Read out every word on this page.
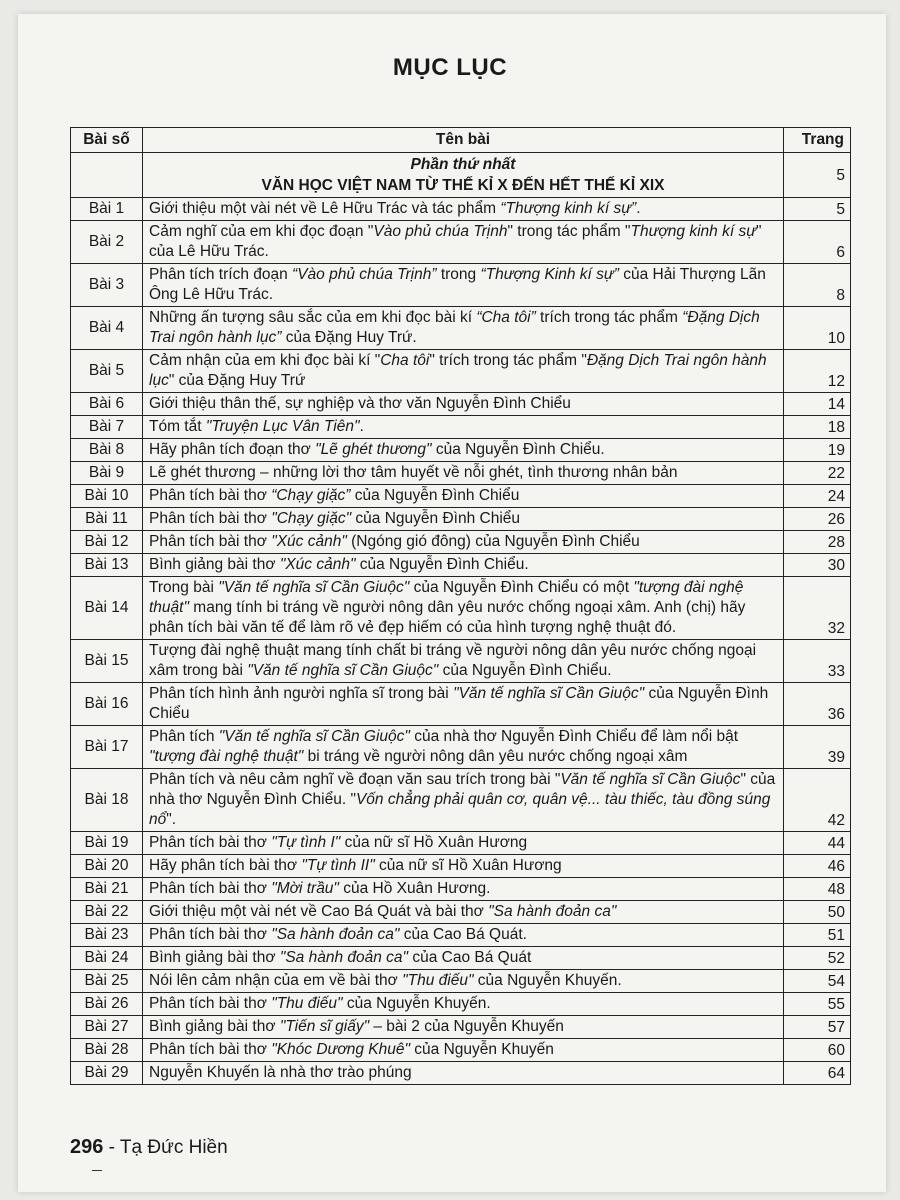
MỤC LỤC
Bài số	Tên bài	Trang

	Phần thứ nhất
VĂN HỌC VIỆT NAM TỪ THẾ KỈ X ĐẾN HẾT THẾ KỈ XIX	5
Bài 1	Giới thiệu một vài nét về Lê Hữu Trác và tác phẩm “Thượng kinh kí sự”.	5
Bài 2	Cảm nghĩ của em khi đọc đoạn "Vào phủ chúa Trịnh" trong tác phẩm "Thượng kinh kí sự" của Lê Hữu Trác.	6
Bài 3	Phân tích trích đoạn “Vào phủ chúa Trịnh” trong “Thượng Kinh kí sự” của Hải Thượng Lãn Ông Lê Hữu Trác.	8
Bài 4	Những ấn tượng sâu sắc của em khi đọc bài kí “Cha tôi” trích trong tác phẩm “Đặng Dịch Trai ngôn hành lục” của Đặng Huy Trứ.	10
Bài 5	Cảm nhận của em khi đọc bài kí "Cha tôi" trích trong tác phẩm "Đặng Dịch Trai ngôn hành lục" của Đặng Huy Trứ	12
Bài 6	Giới thiệu thân thế, sự nghiệp và thơ văn Nguyễn Đình Chiểu	14
Bài 7	Tóm tắt "Truyện Lục Vân Tiên".	18
Bài 8	Hãy phân tích đoạn thơ "Lẽ ghét thương" của Nguyễn Đình Chiểu.	19
Bài 9	Lẽ ghét thương – những lời thơ tâm huyết về nỗi ghét, tình thương nhân bản	22
Bài 10	Phân tích bài thơ “Chạy giặc” của Nguyễn Đình Chiểu	24
Bài 11	Phân tích bài thơ "Chạy giặc" của Nguyễn Đình Chiểu	26
Bài 12	Phân tích bài thơ "Xúc cảnh" (Ngóng gió đông) của Nguyễn Đình Chiểu	28
Bài 13	Bình giảng bài thơ "Xúc cảnh" của Nguyễn Đình Chiểu.	30
Bài 14	Trong bài "Văn tế nghĩa sĩ Cần Giuộc" của Nguyễn Đình Chiểu có một "tượng đài nghệ thuật" mang tính bi tráng về người nông dân yêu nước chống ngoại xâm. Anh (chị) hãy phân tích bài văn tế để làm rõ vẻ đẹp hiếm có của hình tượng nghệ thuật đó.	32
Bài 15	Tượng đài nghệ thuật mang tính chất bi tráng về người nông dân yêu nước chống ngoại xâm trong bài "Văn tế nghĩa sĩ Cần Giuộc" của Nguyễn Đình Chiểu.	33
Bài 16	Phân tích hình ảnh người nghĩa sĩ trong bài "Văn tế nghĩa sĩ Cần Giuộc" của Nguyễn Đình Chiểu	36
Bài 17	Phân tích "Văn tế nghĩa sĩ Cần Giuộc" của nhà thơ Nguyễn Đình Chiểu để làm nổi bật "tượng đài nghệ thuật" bi tráng về người nông dân yêu nước chống ngoại xâm	39
Bài 18	Phân tích và nêu cảm nghĩ về đoạn văn sau trích trong bài "Văn tế nghĩa sĩ Cần Giuộc" của nhà thơ Nguyễn Đình Chiểu. "Vốn chẳng phải quân cơ, quân vệ... tàu thiếc, tàu đồng súng nổ".	42
Bài 19	Phân tích bài thơ "Tự tình I" của nữ sĩ Hồ Xuân Hương	44
Bài 20	Hãy phân tích bài thơ "Tự tình II" của nữ sĩ Hồ Xuân Hương	46
Bài 21	Phân tích bài thơ "Mời trầu" của Hồ Xuân Hương.	48
Bài 22	Giới thiệu một vài nét về Cao Bá Quát và bài thơ "Sa hành đoản ca"	50
Bài 23	Phân tích bài thơ "Sa hành đoản ca" của Cao Bá Quát.	51
Bài 24	Bình giảng bài thơ "Sa hành đoản ca" của Cao Bá Quát	52
Bài 25	Nói lên cảm nhận của em về bài thơ "Thu điếu" của Nguyễn Khuyến.	54
Bài 26	Phân tích bài thơ "Thu điếu" của Nguyễn Khuyến.	55
Bài 27	Bình giảng bài thơ "Tiến sĩ giấy" – bài 2 của Nguyễn Khuyến	57
Bài 28	Phân tích bài thơ "Khóc Dương Khuê" của Nguyễn Khuyến	60
Bài 29	Nguyễn Khuyến là nhà thơ trào phúng	64
296 - Tạ Đức Hiền
